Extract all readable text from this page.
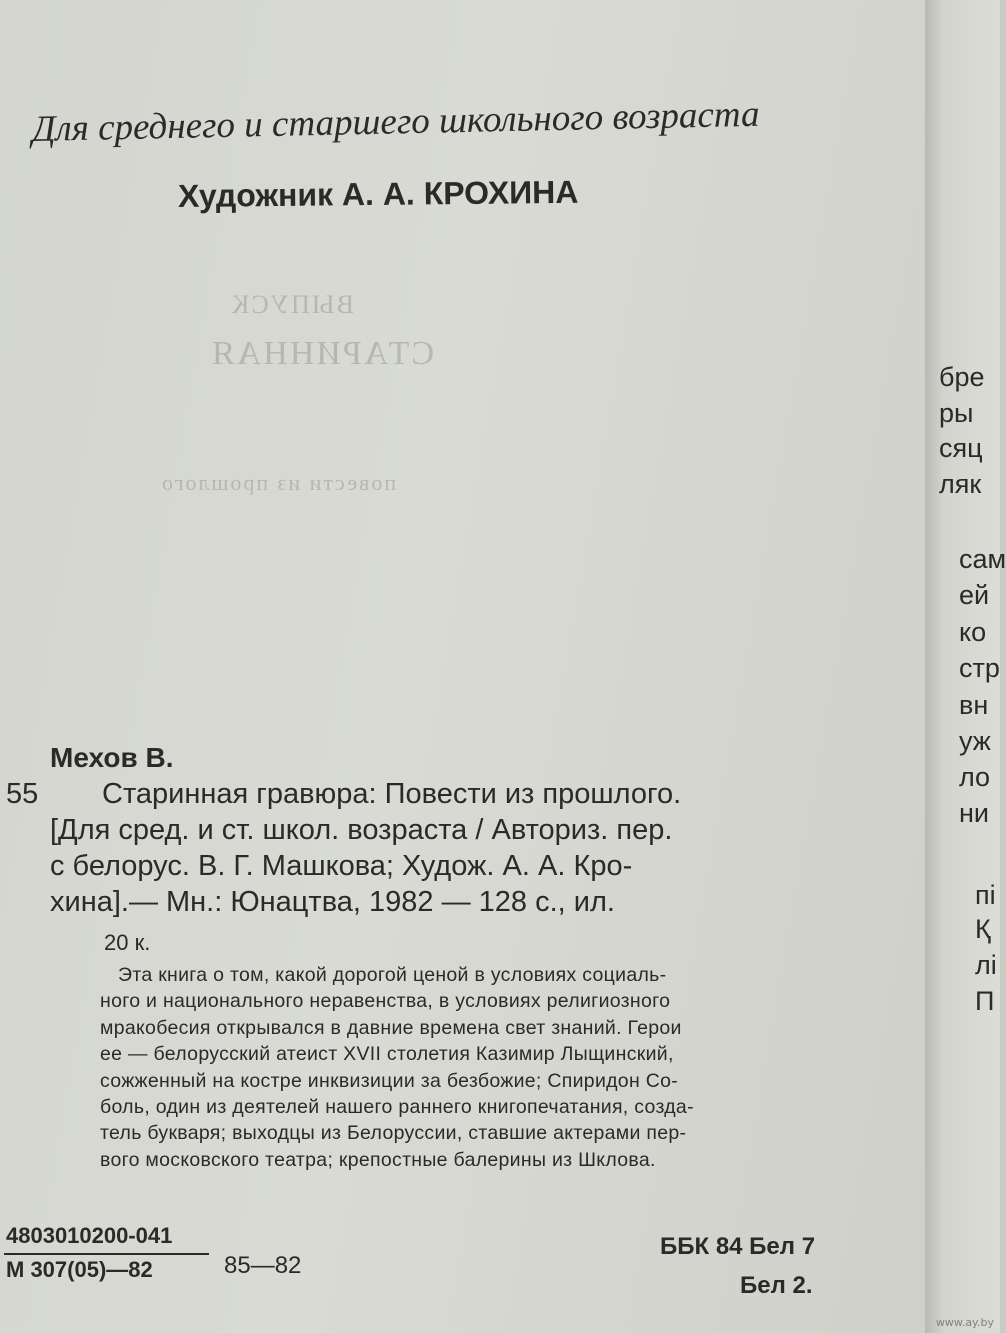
ВЫПУСК
СТАРИННАЯ
повести из прошлого
Для среднего и старшего школьного возраста
Художник А. А. КРОХИНА
Мехов В.
55	Старинная гравюра: Повести из прошлого.
[Для сред. и ст. школ. возраста / Авториз. пер.
с белорус. В. Г. Машкова; Худож. А. А. Кро-
хина].— Мн.: Юнацтва, 1982 — 128 с., ил.
20 к.
Эта книга о том, какой дорогой ценой в условиях социаль-
ного и национального неравенства, в условиях религиозного
мракобесия открывался в давние времена свет знаний. Герои
ее — белорусский атеист XVII столетия Казимир Лыщинский,
сожженный на костре инквизиции за безбожие; Спиридон Со-
боль, один из деятелей нашего раннего книгопечатания, созда-
тель букваря; выходцы из Белоруссии, ставшие актерами пер-
вого московского театра; крепостные балерины из Шклова.
4803010200-041
М 307(05)—82	85—82
ББК 84 Бел 7
Бел 2.
бре
ры
сяц
ляк
сам
ей
ко
стр
вн
уж
ло
ни
пі
Қ
лі
П
www.ay.by
